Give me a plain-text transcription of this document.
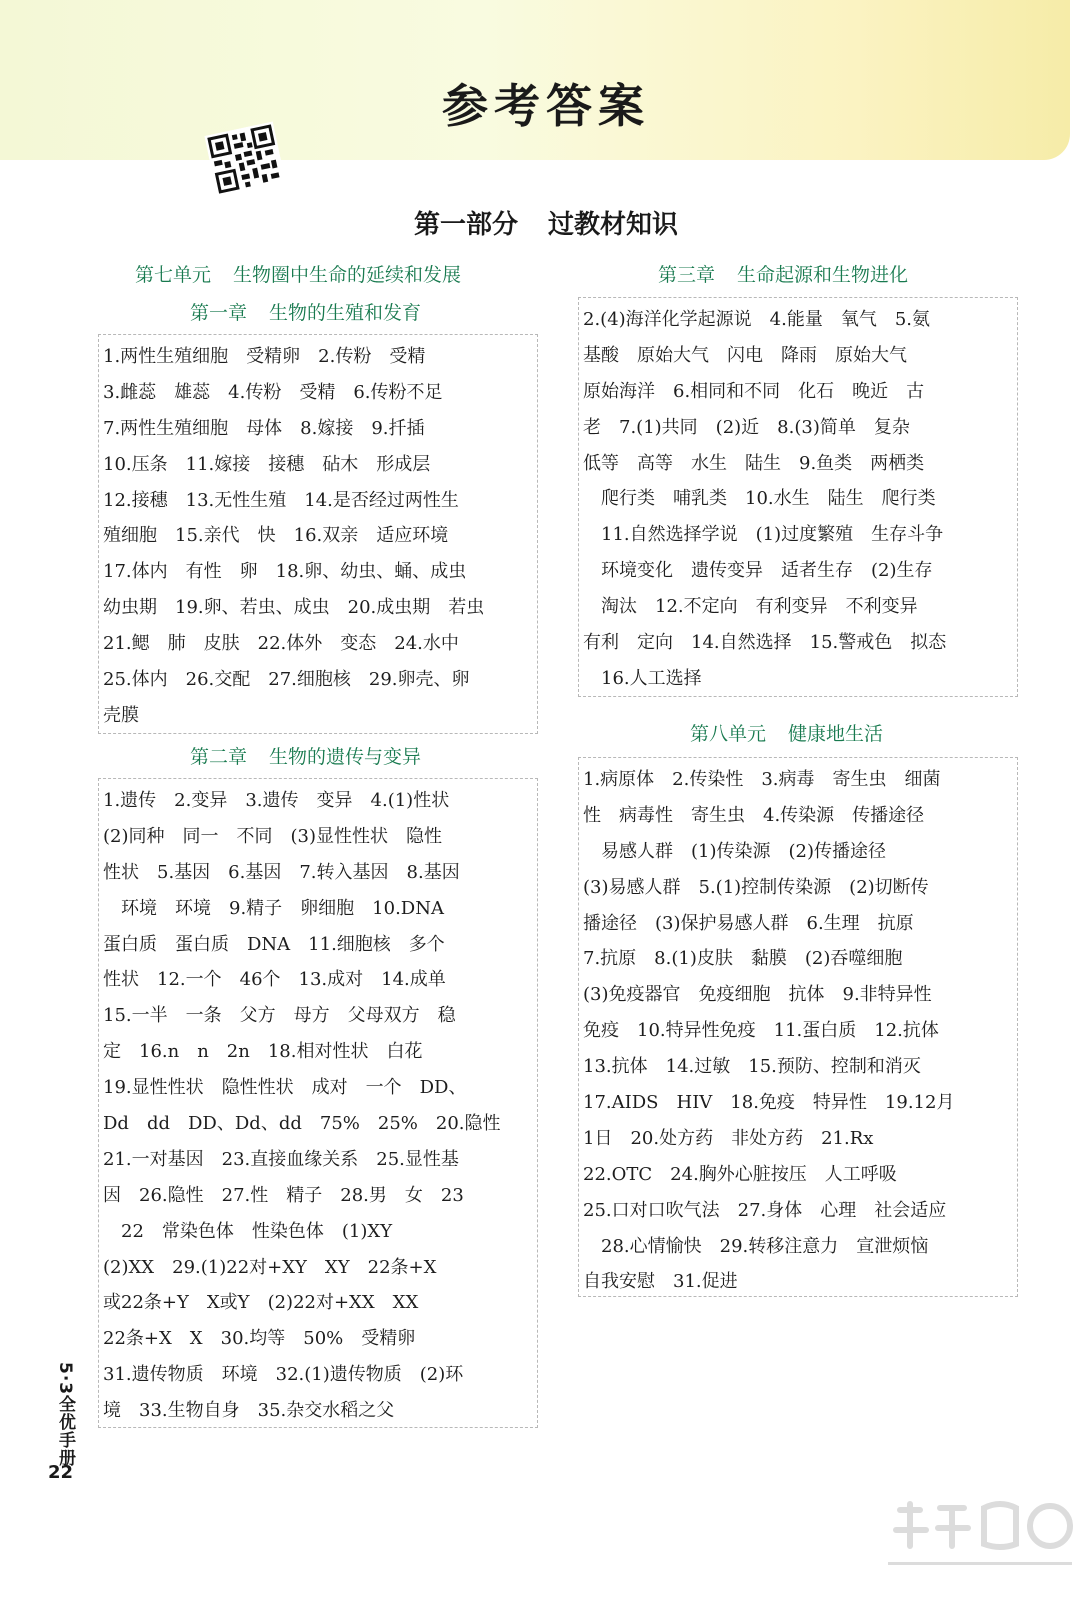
参考答案
第一部分 过教材知识
第七单元 生物圈中生命的延续和发展
第一章 生物的生殖和发育
1.两性生殖细胞　受精卵　2.传粉　受精
3.雌蕊　雄蕊　4.传粉　受精　6.传粉不足
7.两性生殖细胞　母体　8.嫁接　9.扦插
10.压条　11.嫁接　接穗　砧木　形成层
12.接穗　13.无性生殖　14.是否经过两性生
殖细胞　15.亲代　快　16.双亲　适应环境
17.体内　有性　卵　18.卵、幼虫、蛹、成虫
幼虫期　19.卵、若虫、成虫　20.成虫期　若虫
21.鳃　肺　皮肤　22.体外　变态　24.水中
25.体内　26.交配　27.细胞核　29.卵壳、卵
壳膜
第二章 生物的遗传与变异
1.遗传　2.变异　3.遗传　变异　4.(1)性状
(2)同种　同一　不同　(3)显性性状　隐性
性状　5.基因　6.基因　7.转入基因　8.基因
　环境　环境　9.精子　卵细胞　10.DNA
蛋白质　蛋白质　DNA　11.细胞核　多个
性状　12.一个　46个　13.成对　14.成单
15.一半　一条　父方　母方　父母双方　稳
定　16.n　n　2n　18.相对性状　白花
19.显性性状　隐性性状　成对　一个　DD、
Dd　dd　DD、Dd、dd　75%　25%　20.隐性
21.一对基因　23.直接血缘关系　25.显性基
因　26.隐性　27.性　精子　28.男　女　23
　22　常染色体　性染色体　(1)XY
(2)XX　29.(1)22对+XY　XY　22条+X
或22条+Y　X或Y　(2)22对+XX　XX
22条+X　X　30.均等　50%　受精卵
31.遗传物质　环境　32.(1)遗传物质　(2)环
境　33.生物自身　35.杂交水稻之父
第三章 生命起源和生物进化
2.(4)海洋化学起源说　4.能量　氧气　5.氨
基酸　原始大气　闪电　降雨　原始大气
原始海洋　6.相同和不同　化石　晚近　古
老　7.(1)共同　(2)近　8.(3)简单　复杂
低等　高等　水生　陆生　9.鱼类　两栖类
　爬行类　哺乳类　10.水生　陆生　爬行类
　11.自然选择学说　(1)过度繁殖　生存斗争
　环境变化　遗传变异　适者生存　(2)生存
　淘汰　12.不定向　有利变异　不利变异
有利　定向　14.自然选择　15.警戒色　拟态
　16.人工选择
第八单元 健康地生活
1.病原体　2.传染性　3.病毒　寄生虫　细菌
性　病毒性　寄生虫　4.传染源　传播途径
　易感人群　(1)传染源　(2)传播途径
(3)易感人群　5.(1)控制传染源　(2)切断传
播途径　(3)保护易感人群　6.生理　抗原
7.抗原　8.(1)皮肤　黏膜　(2)吞噬细胞
(3)免疫器官　免疫细胞　抗体　9.非特异性
免疫　10.特异性免疫　11.蛋白质　12.抗体
13.抗体　14.过敏　15.预防、控制和消灭
17.AIDS　HIV　18.免疫　特异性　19.12月
1日　20.处方药　非处方药　21.Rx
22.OTC　24.胸外心脏按压　人工呼吸
25.口对口吹气法　27.身体　心理　社会适应
　28.心情愉快　29.转移注意力　宣泄烦恼
自我安慰　31.促进
5·3全优手册
22
